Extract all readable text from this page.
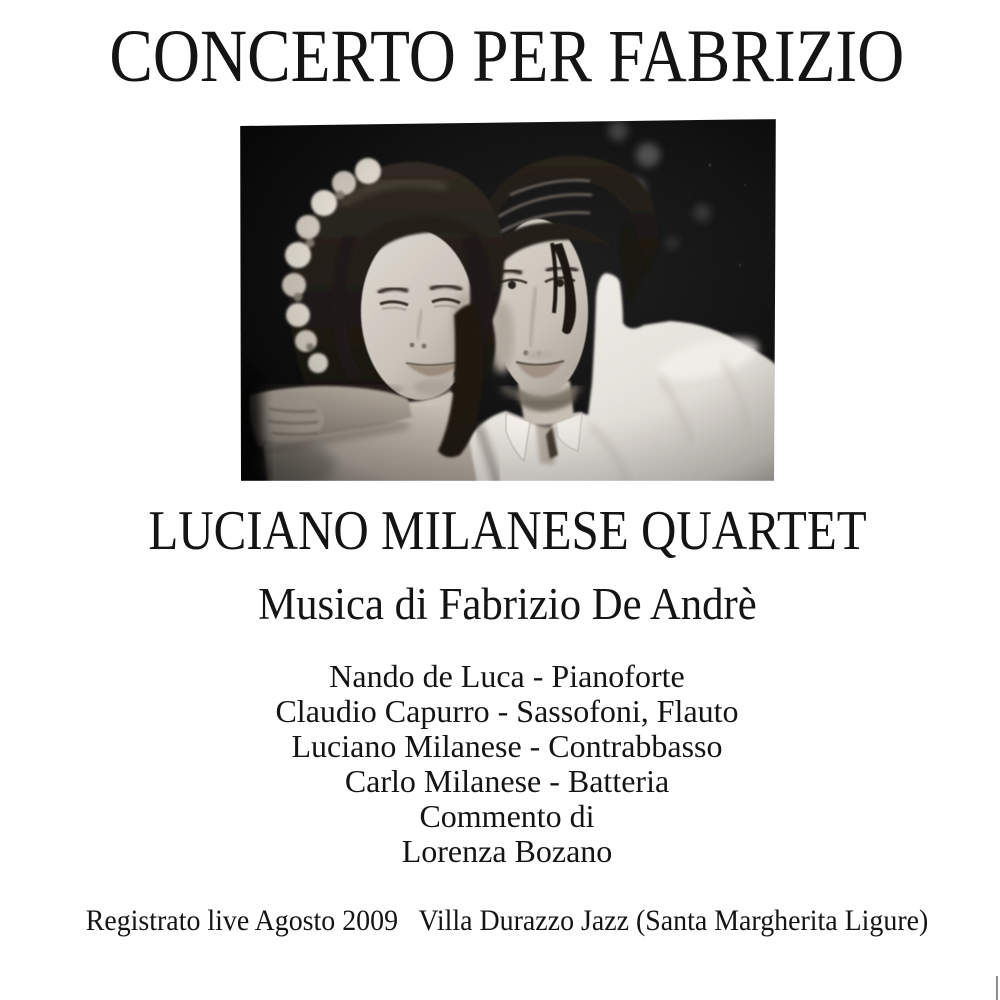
CONCERTO PER FABRIZIO
LUCIANO MILANESE QUARTET
Musica di Fabrizio De Andrè
Nando de Luca - Pianoforte
Claudio Capurro - Sassofoni, Flauto
Luciano Milanese - Contrabbasso
Carlo Milanese - Batteria
Commento di
Lorenza Bozano
Registrato live Agosto 2009   Villa Durazzo Jazz (Santa Margherita Ligure)
